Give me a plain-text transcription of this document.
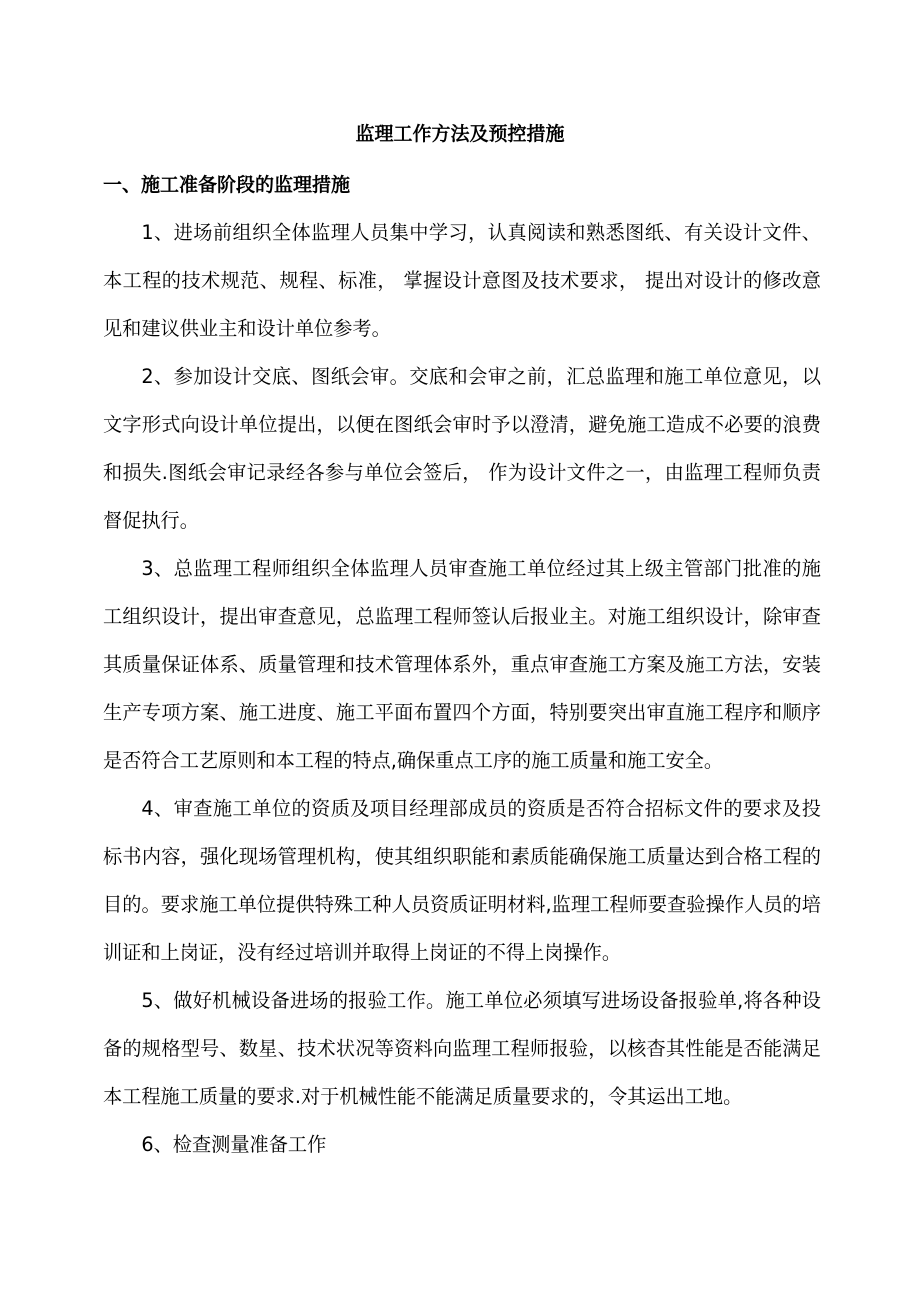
监理工作方法及预控措施
一、施工准备阶段的监理措施

1、进场前组织全体监理人员集中学习，认真阅读和熟悉图纸、有关设计文件、本工程的技术规范、规程、标准， 掌握设计意图及技术要求， 提出对设计的修改意见和建议供业主和设计单位参考。

2、参加设计交底、图纸会审。交底和会审之前，汇总监理和施工单位意见，以文字形式向设计单位提出，以便在图纸会审时予以澄清，避免施工造成不必要的浪费和损失.图纸会审记录经各参与单位会签后， 作为设计文件之一，由监理工程师负责督促执行。

3、总监理工程师组织全体监理人员审查施工单位经过其上级主管部门批准的施工组织设计，提出审查意见，总监理工程师签认后报业主。对施工组织设计，除审查其质量保证体系、质量管理和技术管理体系外，重点审查施工方案及施工方法，安装生产专项方案、施工进度、施工平面布置四个方面，特别要突出审直施工程序和顺序是否符合工艺原则和本工程的特点,确保重点工序的施工质量和施工安全。

4、审查施工单位的资质及项目经理部成员的资质是否符合招标文件的要求及投标书内容，强化现场管理机构，使其组织职能和素质能确保施工质量达到合格工程的目的。要求施工单位提供特殊工种人员资质证明材料,监理工程师要查验操作人员的培训证和上岗证，没有经过培训并取得上岗证的不得上岗操作。

5、做好机械设备进场的报验工作。施工单位必须填写进场设备报验单,将各种设备的规格型号、数星、技术状况等资料向监理工程师报验，以核杳其性能是否能满足本工程施工质量的要求.对于机械性能不能满足质量要求的，令其运出工地。

6、检查测量准备工作
